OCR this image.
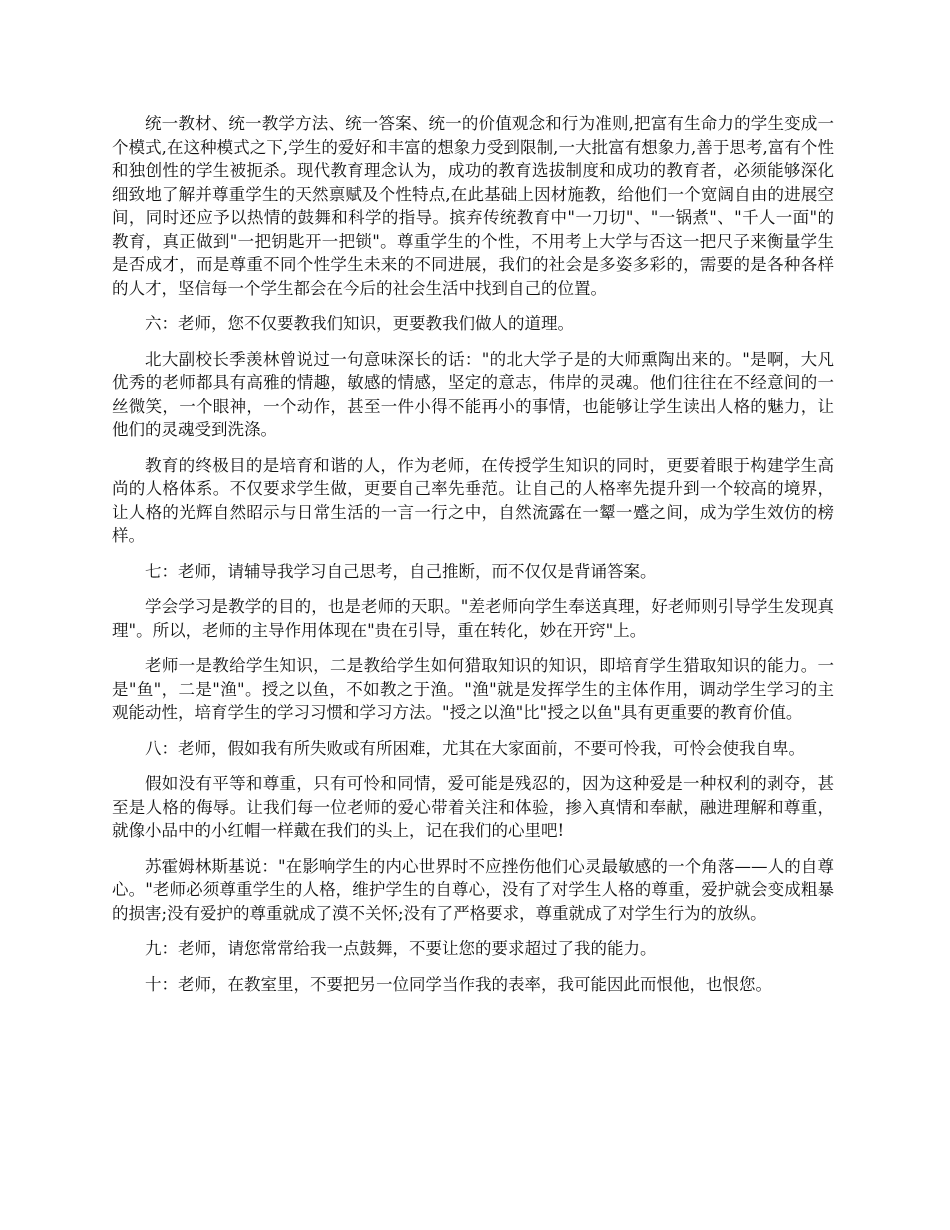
统一教材、统一教学方法、统一答案、统一的价值观念和行为准则,把富有生命力的学生变成一个模式,在这种模式之下,学生的爱好和丰富的想象力受到限制,一大批富有想象力,善于思考,富有个性和独创性的学生被扼杀。现代教育理念认为，成功的教育选拔制度和成功的教育者，必须能够深化细致地了解并尊重学生的天然禀赋及个性特点,在此基础上因材施教，给他们一个宽阔自由的进展空间，同时还应予以热情的鼓舞和科学的指导。摈弃传统教育中"一刀切"、"一锅煮"、"千人一面"的教育，真正做到"一把钥匙开一把锁"。尊重学生的个性，不用考上大学与否这一把尺子来衡量学生是否成才，而是尊重不同个性学生未来的不同进展，我们的社会是多姿多彩的，需要的是各种各样的人才，坚信每一个学生都会在今后的社会生活中找到自己的位置。

六：老师，您不仅要教我们知识，更要教我们做人的道理。

北大副校长季羡林曾说过一句意味深长的话："的北大学子是的大师熏陶出来的。"是啊，大凡优秀的老师都具有高雅的情趣，敏感的情感，坚定的意志，伟岸的灵魂。他们往往在不经意间的一丝微笑，一个眼神，一个动作，甚至一件小得不能再小的事情，也能够让学生读出人格的魅力，让他们的灵魂受到洗涤。

教育的终极目的是培育和谐的人，作为老师，在传授学生知识的同时，更要着眼于构建学生高尚的人格体系。不仅要求学生做，更要自己率先垂范。让自己的人格率先提升到一个较高的境界，让人格的光辉自然昭示与日常生活的一言一行之中，自然流露在一颦一蹙之间，成为学生效仿的榜样。

七：老师，请辅导我学习自己思考，自己推断，而不仅仅是背诵答案。

学会学习是教学的目的，也是老师的天职。"差老师向学生奉送真理，好老师则引导学生发现真理"。所以，老师的主导作用体现在"贵在引导，重在转化，妙在开窍"上。

老师一是教给学生知识，二是教给学生如何猎取知识的知识，即培育学生猎取知识的能力。一是"鱼"，二是"渔"。授之以鱼，不如教之于渔。"渔"就是发挥学生的主体作用，调动学生学习的主观能动性，培育学生的学习习惯和学习方法。"授之以渔"比"授之以鱼"具有更重要的教育价值。

八：老师，假如我有所失败或有所困难，尤其在大家面前，不要可怜我，可怜会使我自卑。

假如没有平等和尊重，只有可怜和同情，爱可能是残忍的，因为这种爱是一种权利的剥夺，甚至是人格的侮辱。让我们每一位老师的爱心带着关注和体验，掺入真情和奉献，融进理解和尊重，就像小品中的小红帽一样戴在我们的头上，记在我们的心里吧!

苏霍姆林斯基说："在影响学生的内心世界时不应挫伤他们心灵最敏感的一个角落——人的自尊心。"老师必须尊重学生的人格，维护学生的自尊心，没有了对学生人格的尊重，爱护就会变成粗暴的损害;没有爱护的尊重就成了漠不关怀;没有了严格要求，尊重就成了对学生行为的放纵。

九：老师，请您常常给我一点鼓舞，不要让您的要求超过了我的能力。

十：老师，在教室里，不要把另一位同学当作我的表率，我可能因此而恨他，也恨您。
